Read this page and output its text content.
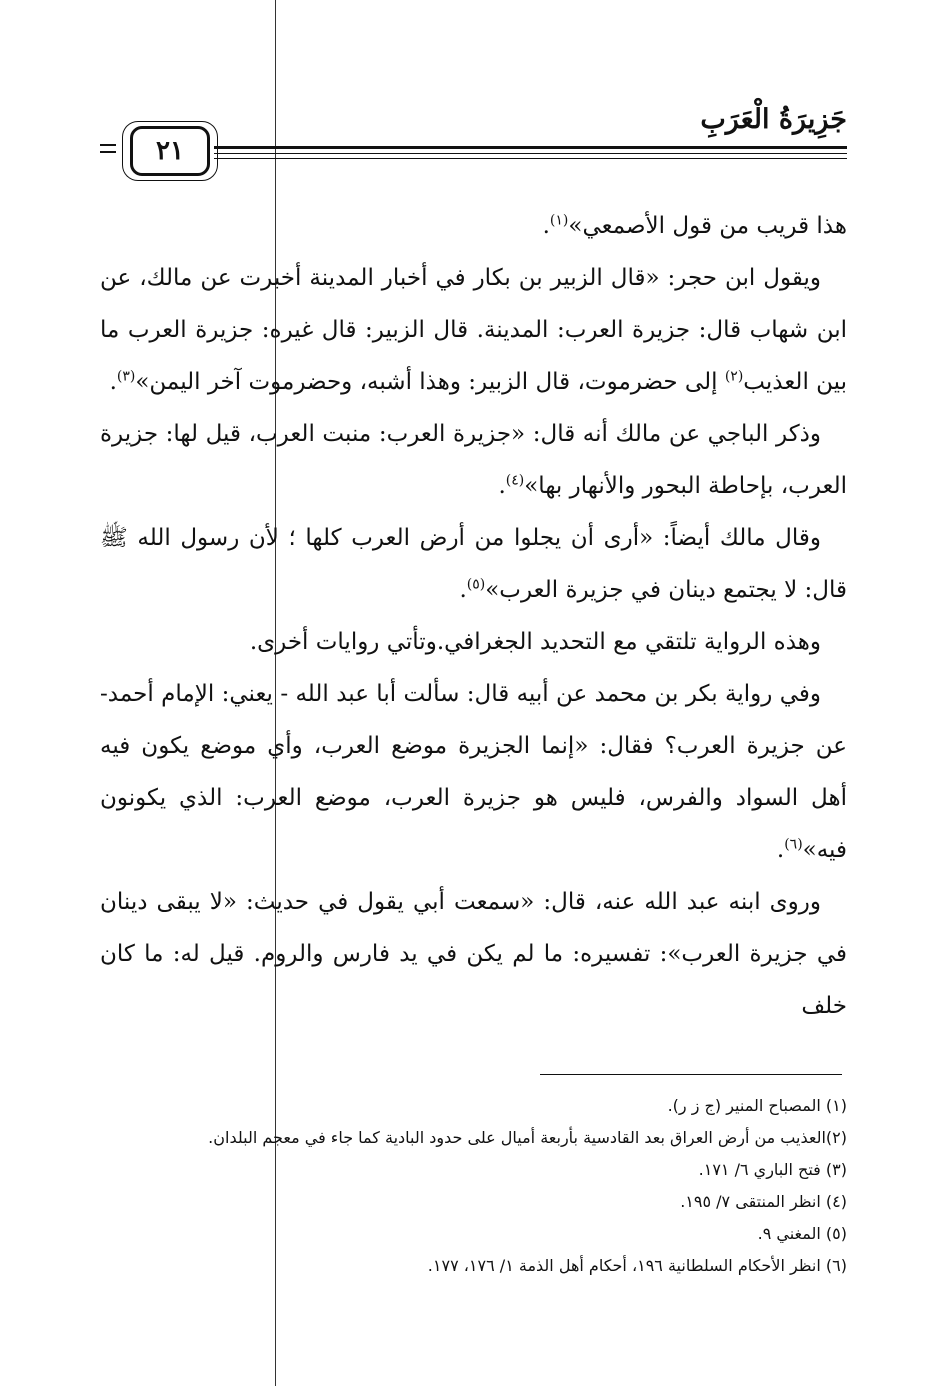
جَزِيرَةُ الْعَرَبِ
٢١

هذا قريب من قول الأصمعي»$^{(١)}$.

ويقول ابن حجر: «قال الزبير بن بكار في أخبار المدينة أخبرت عن مالك، عن ابن شهاب قال: جزيرة العرب: المدينة. قال الزبير: قال غيره: جزيرة العرب ما بين العذيب$^{(٢)}$ إلى حضرموت، قال الزبير: وهذا أشبه، وحضرموت آخر اليمن»$^{(٣)}$.

وذكر الباجي عن مالك أنه قال: «جزيرة العرب: منبت العرب، قيل لها: جزيرة العرب، بإحاطة البحور والأنهار بها»$^{(٤)}$.

وقال مالك أيضاً: «أرى أن يجلوا من أرض العرب كلها ؛ لأن رسول الله ﷺ قال: لا يجتمع دينان في جزيرة العرب»$^{(٥)}$.

وهذه الرواية تلتقي مع التحديد الجغرافي.وتأتي روايات أخرى.

وفي رواية بكر بن محمد عن أبيه قال: سألت أبا عبد الله - يعني: الإمام أحمد- عن جزيرة العرب؟ فقال: «إنما الجزيرة موضع العرب، وأي موضع يكون فيه أهل السواد والفرس، فليس هو جزيرة العرب، موضع العرب: الذي يكونون فيه»$^{(٦)}$.

وروى ابنه عبد الله عنه، قال: «سمعت أبي يقول في حديث: «لا يبقى دينان في جزيرة العرب»: تفسيره: ما لم يكن في يد فارس والروم. قيل له: ما كان خلف

(١) المصباح المنير (ج ز ر).

(٢)العذيب من أرض العراق بعد القادسية بأربعة أميال على حدود البادية كما جاء في معجم البلدان.

(٣) فتح الباري ٦/ ١٧١.

(٤) انظر المنتقى ٧/ ١٩٥.

(٥) المغني ٩.

(٦) انظر الأحكام السلطانية ١٩٦، أحكام أهل الذمة ١/ ١٧٦، ١٧٧.
